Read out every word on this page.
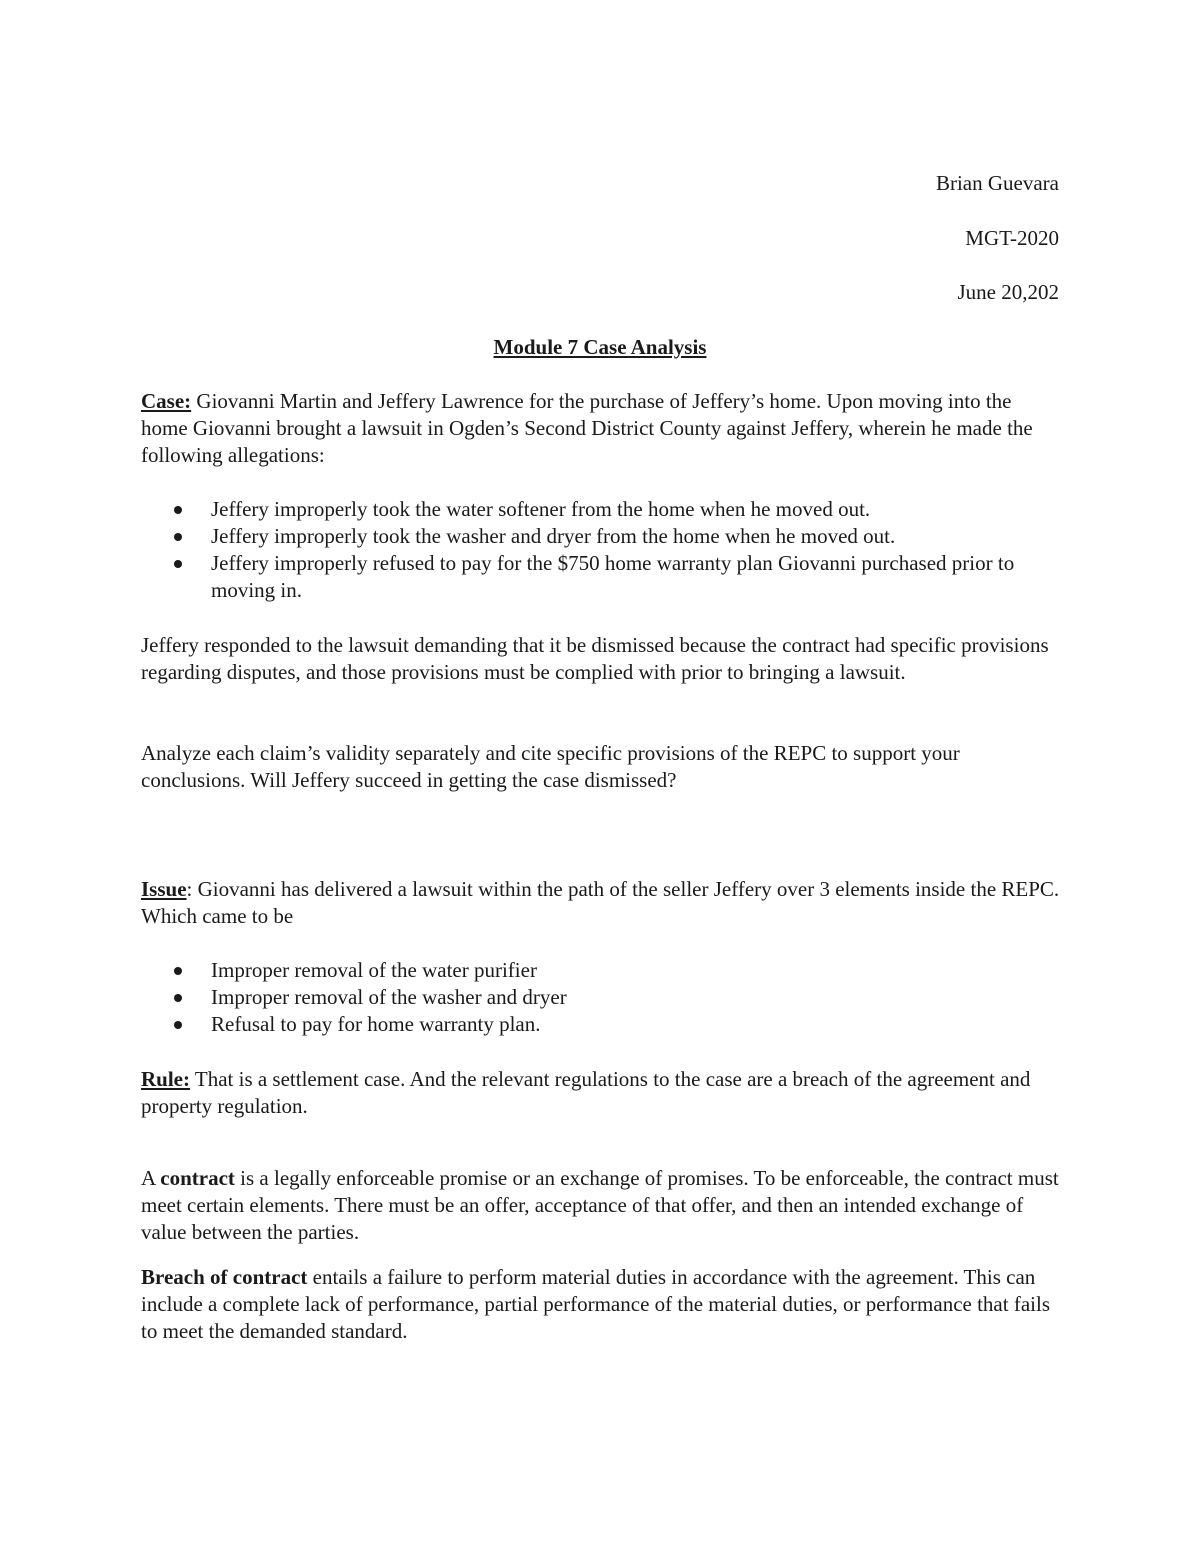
Brian Guevara
MGT-2020
June 20,202
Module 7 Case Analysis

Case: Giovanni Martin and Jeffery Lawrence for the purchase of Jeffery’s home. Upon moving into the home Giovanni brought a lawsuit in Ogden’s Second District County against Jeffery, wherein he made the following allegations:

Jeffery improperly took the water softener from the home when he moved out.
Jeffery improperly took the washer and dryer from the home when he moved out.
Jeffery improperly refused to pay for the $750 home warranty plan Giovanni purchased prior to moving in.

Jeffery responded to the lawsuit demanding that it be dismissed because the contract had specific provisions regarding disputes, and those provisions must be complied with prior to bringing a lawsuit.

Analyze each claim’s validity separately and cite specific provisions of the REPC to support your conclusions. Will Jeffery succeed in getting the case dismissed?

Issue: Giovanni has delivered a lawsuit within the path of the seller Jeffery over 3 elements inside the REPC. Which came to be

Improper removal of the water purifier
Improper removal of the washer and dryer
Refusal to pay for home warranty plan.

Rule: That is a settlement case. And the relevant regulations to the case are a breach of the agreement and property regulation.

A contract is a legally enforceable promise or an exchange of promises. To be enforceable, the contract must meet certain elements. There must be an offer, acceptance of that offer, and then an intended exchange of value between the parties.

Breach of contract entails a failure to perform material duties in accordance with the agreement. This can include a complete lack of performance, partial performance of the material duties, or performance that fails to meet the demanded standard.
